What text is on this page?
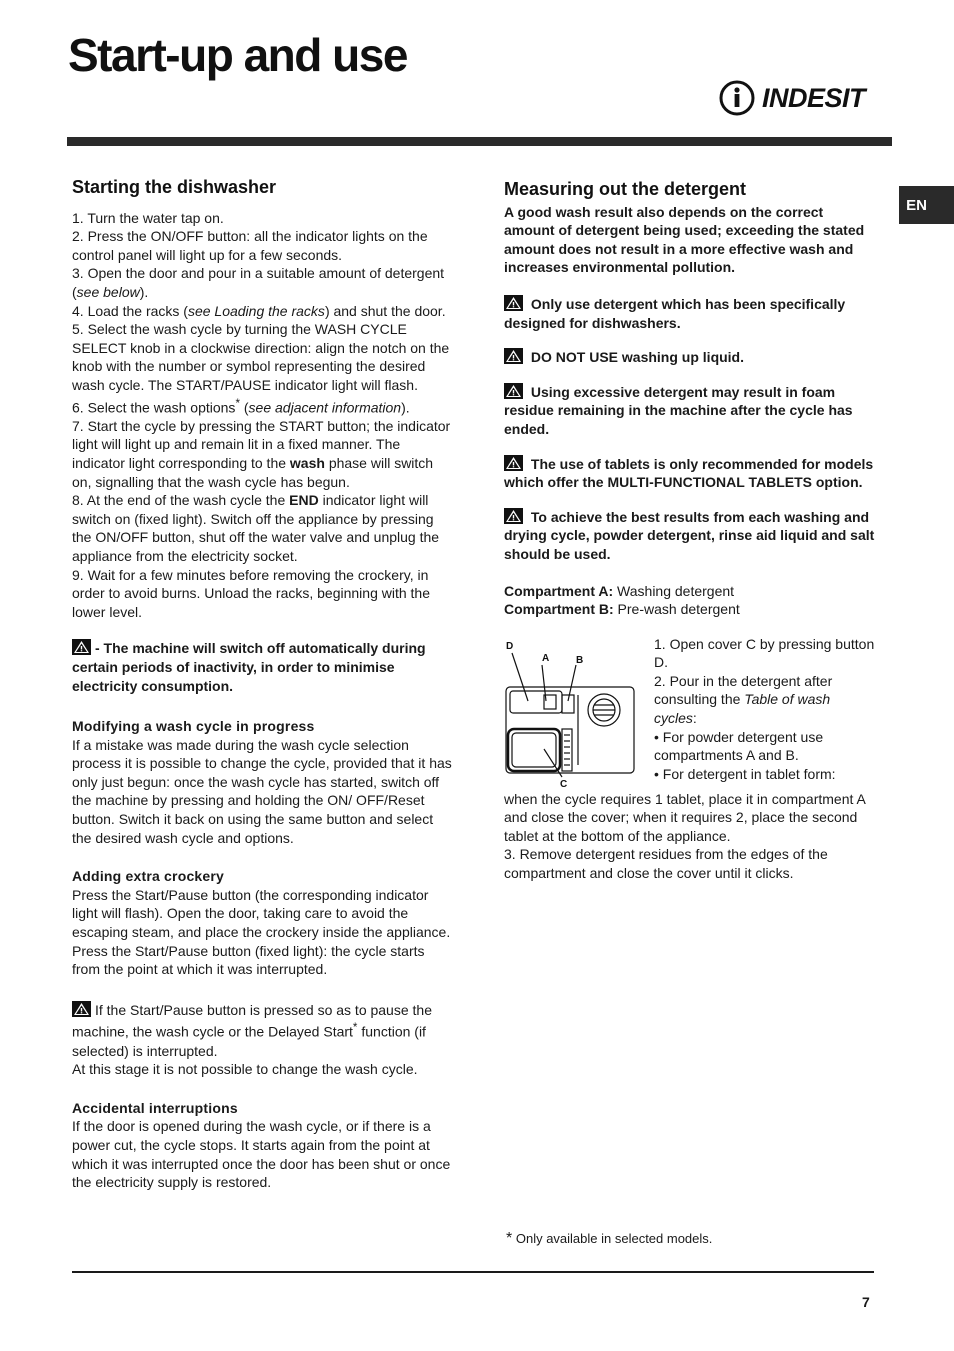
Start-up and use
INDESIT
EN
Starting the dishwasher

1. Turn the water tap on.

2. Press the ON/OFF button: all the indicator lights on the control panel will light up for a few seconds.

3. Open the door and pour in a suitable amount of detergent (see below).

4. Load the racks (see Loading the racks) and shut the door.

5. Select the wash cycle by turning the WASH CYCLE SELECT knob in a clockwise direction: align the notch on the knob with the number or symbol representing the desired wash cycle. The START/PAUSE indicator light will flash.

6. Select the wash options* (see adjacent information).

7. Start the cycle by pressing the START button; the indicator light will light up and remain lit in a fixed manner. The indicator light corresponding to the wash phase will switch on, signalling that the wash cycle has begun.

8. At the end of the wash cycle the END indicator light will switch on (fixed light). Switch off the appliance by pressing the ON/OFF button, shut off the water valve and unplug the appliance from the electricity socket.

9. Wait for a few minutes before removing the crockery, in order to avoid burns. Unload the racks, beginning with the lower level.

- The machine will switch off automatically during certain periods of inactivity, in order to minimise electricity consumption.

Modifying a wash cycle in progress

If a mistake was made during the wash cycle selection process it is possible to change the cycle, provided that it has only just begun: once the wash cycle has started, switch off the machine by pressing and holding the ON/ OFF/Reset button. Switch it back on using the same button and select the desired wash cycle and options.

Adding extra crockery

Press the Start/Pause button (the corresponding indicator light will flash). Open the door, taking care to avoid the escaping steam, and place the crockery inside the appliance. Press the Start/Pause button (fixed light): the cycle starts from the point at which it was interrupted.

If the Start/Pause button is pressed so as to pause the machine, the wash cycle or the Delayed Start* function (if selected) is interrupted.

At this stage it is not possible to change the wash cycle.

Accidental interruptions

If the door is opened during the wash cycle, or if there is a power cut, the cycle stops. It starts again from the point at which it was interrupted once the door has been shut or once the electricity supply is restored.

Measuring out the detergent

A good wash result also depends on the correct amount of detergent being used; exceeding the stated amount does not result in a more effective wash and increases environmental pollution.

Only use detergent which has been specifically designed for dishwashers.

DO NOT USE washing up liquid.

Using excessive detergent may result in foam residue remaining in the machine after the cycle has ended.

The use of tablets is only recommended for models which offer the MULTI-FUNCTIONAL TABLETS option.

To achieve the best results from each washing and drying cycle, powder detergent, rinse aid liquid and salt should be used.

Compartment A: Washing detergent

Compartment B: Pre-wash detergent

D
A	B
C

1. Open cover C by pressing button D.

2. Pour in the detergent after consulting the Table of wash cycles:

• For powder detergent use compartments A and B.

• For detergent in tablet form:

when the cycle requires 1 tablet, place it in compartment A and close the cover; when it requires 2, place the second tablet at the bottom of the appliance.

3. Remove detergent residues from the edges of the compartment and close the cover until it clicks.

* Only available in selected models.
7
